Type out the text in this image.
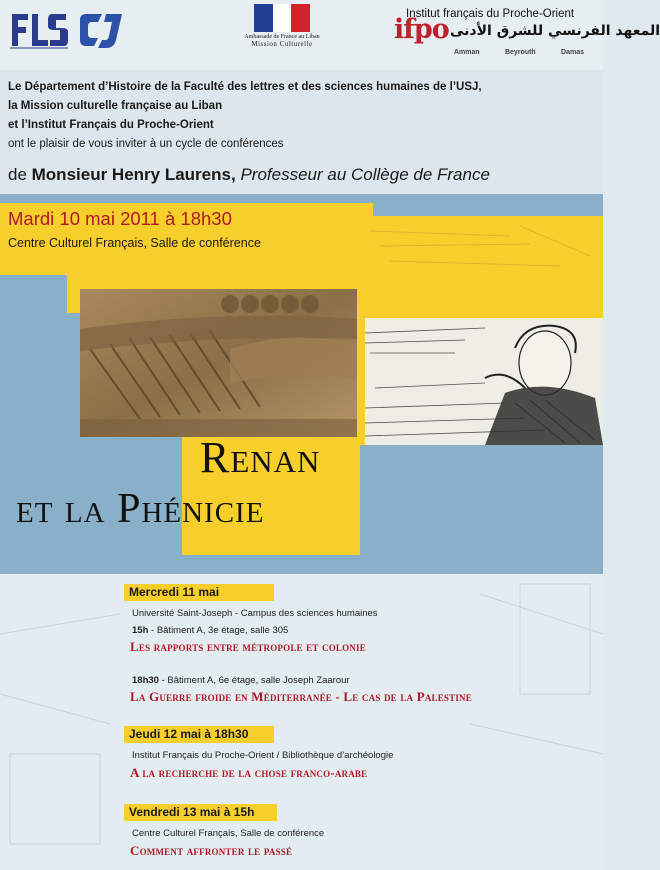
Ambassade de France au Liban
Mission Culturelle	ifpo
Institut français du Proche-Orient
المعهد الفرنسي للشرق الأدنى
Amman	Beyrouth	Damas
Le Département d’Histoire de la Faculté des lettres et des sciences humaines de l’USJ,
la Mission culturelle française au Liban
et l’Institut Français du Proche-Orient
ont le plaisir de vous inviter à un cycle de conférences
de Monsieur Henry Laurens, Professeur au Collège de France
Mardi 10 mai 2011 à 18h30
Centre Culturel Français, Salle de conférence
Renan
et la Phénicie
Mercredi 11 mai
Université Saint-Joseph - Campus des sciences humaines
15h - Bâtiment A, 3e étage, salle 305
Les rapports entre métropole et colonie
18h30 - Bâtiment A, 6e étage, salle Joseph Zaarour
La Guerre froide en Méditerranée - Le cas de la Palestine
Jeudi 12 mai à 18h30
Institut Français du Proche-Orient / Bibliothèque d’archéologie
A la recherche de la chose franco-arabe
Vendredi 13 mai à 15h
Centre Culturel Français, Salle de conférence
Comment affronter le passé
